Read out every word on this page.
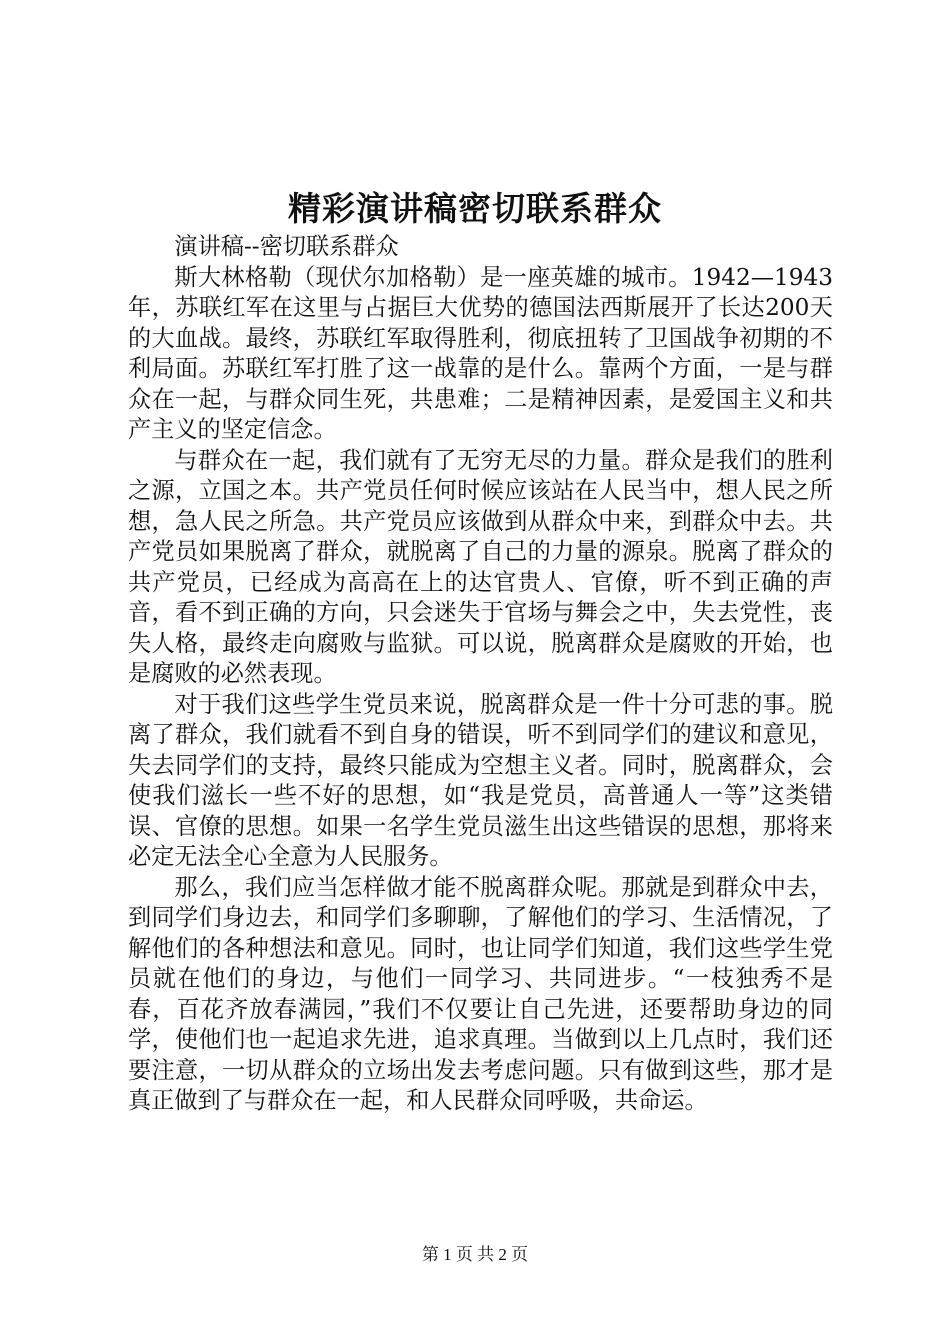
精彩演讲稿密切联系群众

演讲稿--密切联系群众

斯大林格勒（现伏尔加格勒）是一座英雄的城市。1942—1943年，苏联红军在这里与占据巨大优势的德国法西斯展开了长达200天的大血战。最终，苏联红军取得胜利，彻底扭转了卫国战争初期的不利局面。苏联红军打胜了这一战靠的是什么。靠两个方面，一是与群众在一起，与群众同生死，共患难；二是精神因素，是爱国主义和共产主义的坚定信念。

与群众在一起，我们就有了无穷无尽的力量。群众是我们的胜利之源，立国之本。共产党员任何时候应该站在人民当中，想人民之所想，急人民之所急。共产党员应该做到从群众中来，到群众中去。共产党员如果脱离了群众，就脱离了自己的力量的源泉。脱离了群众的共产党员，已经成为高高在上的达官贵人、官僚，听不到正确的声音，看不到正确的方向，只会迷失于官场与舞会之中，失去党性，丧失人格，最终走向腐败与监狱。可以说，脱离群众是腐败的开始，也是腐败的必然表现。

对于我们这些学生党员来说，脱离群众是一件十分可悲的事。脱离了群众，我们就看不到自身的错误，听不到同学们的建议和意见，失去同学们的支持，最终只能成为空想主义者。同时，脱离群众，会使我们滋长一些不好的思想，如“我是党员，高普通人一等”这类错误、官僚的思想。如果一名学生党员滋生出这些错误的思想，那将来必定无法全心全意为人民服务。

那么，我们应当怎样做才能不脱离群众呢。那就是到群众中去，到同学们身边去，和同学们多聊聊，了解他们的学习、生活情况，了解他们的各种想法和意见。同时，也让同学们知道，我们这些学生党员就在他们的身边，与他们一同学习、共同进步。“一枝独秀不是春，百花齐放春满园，”我们不仅要让自己先进，还要帮助身边的同学，使他们也一起追求先进，追求真理。当做到以上几点时，我们还要注意，一切从群众的立场出发去考虑问题。只有做到这些，那才是真正做到了与群众在一起，和人民群众同呼吸，共命运。

第 1 页 共 2 页
